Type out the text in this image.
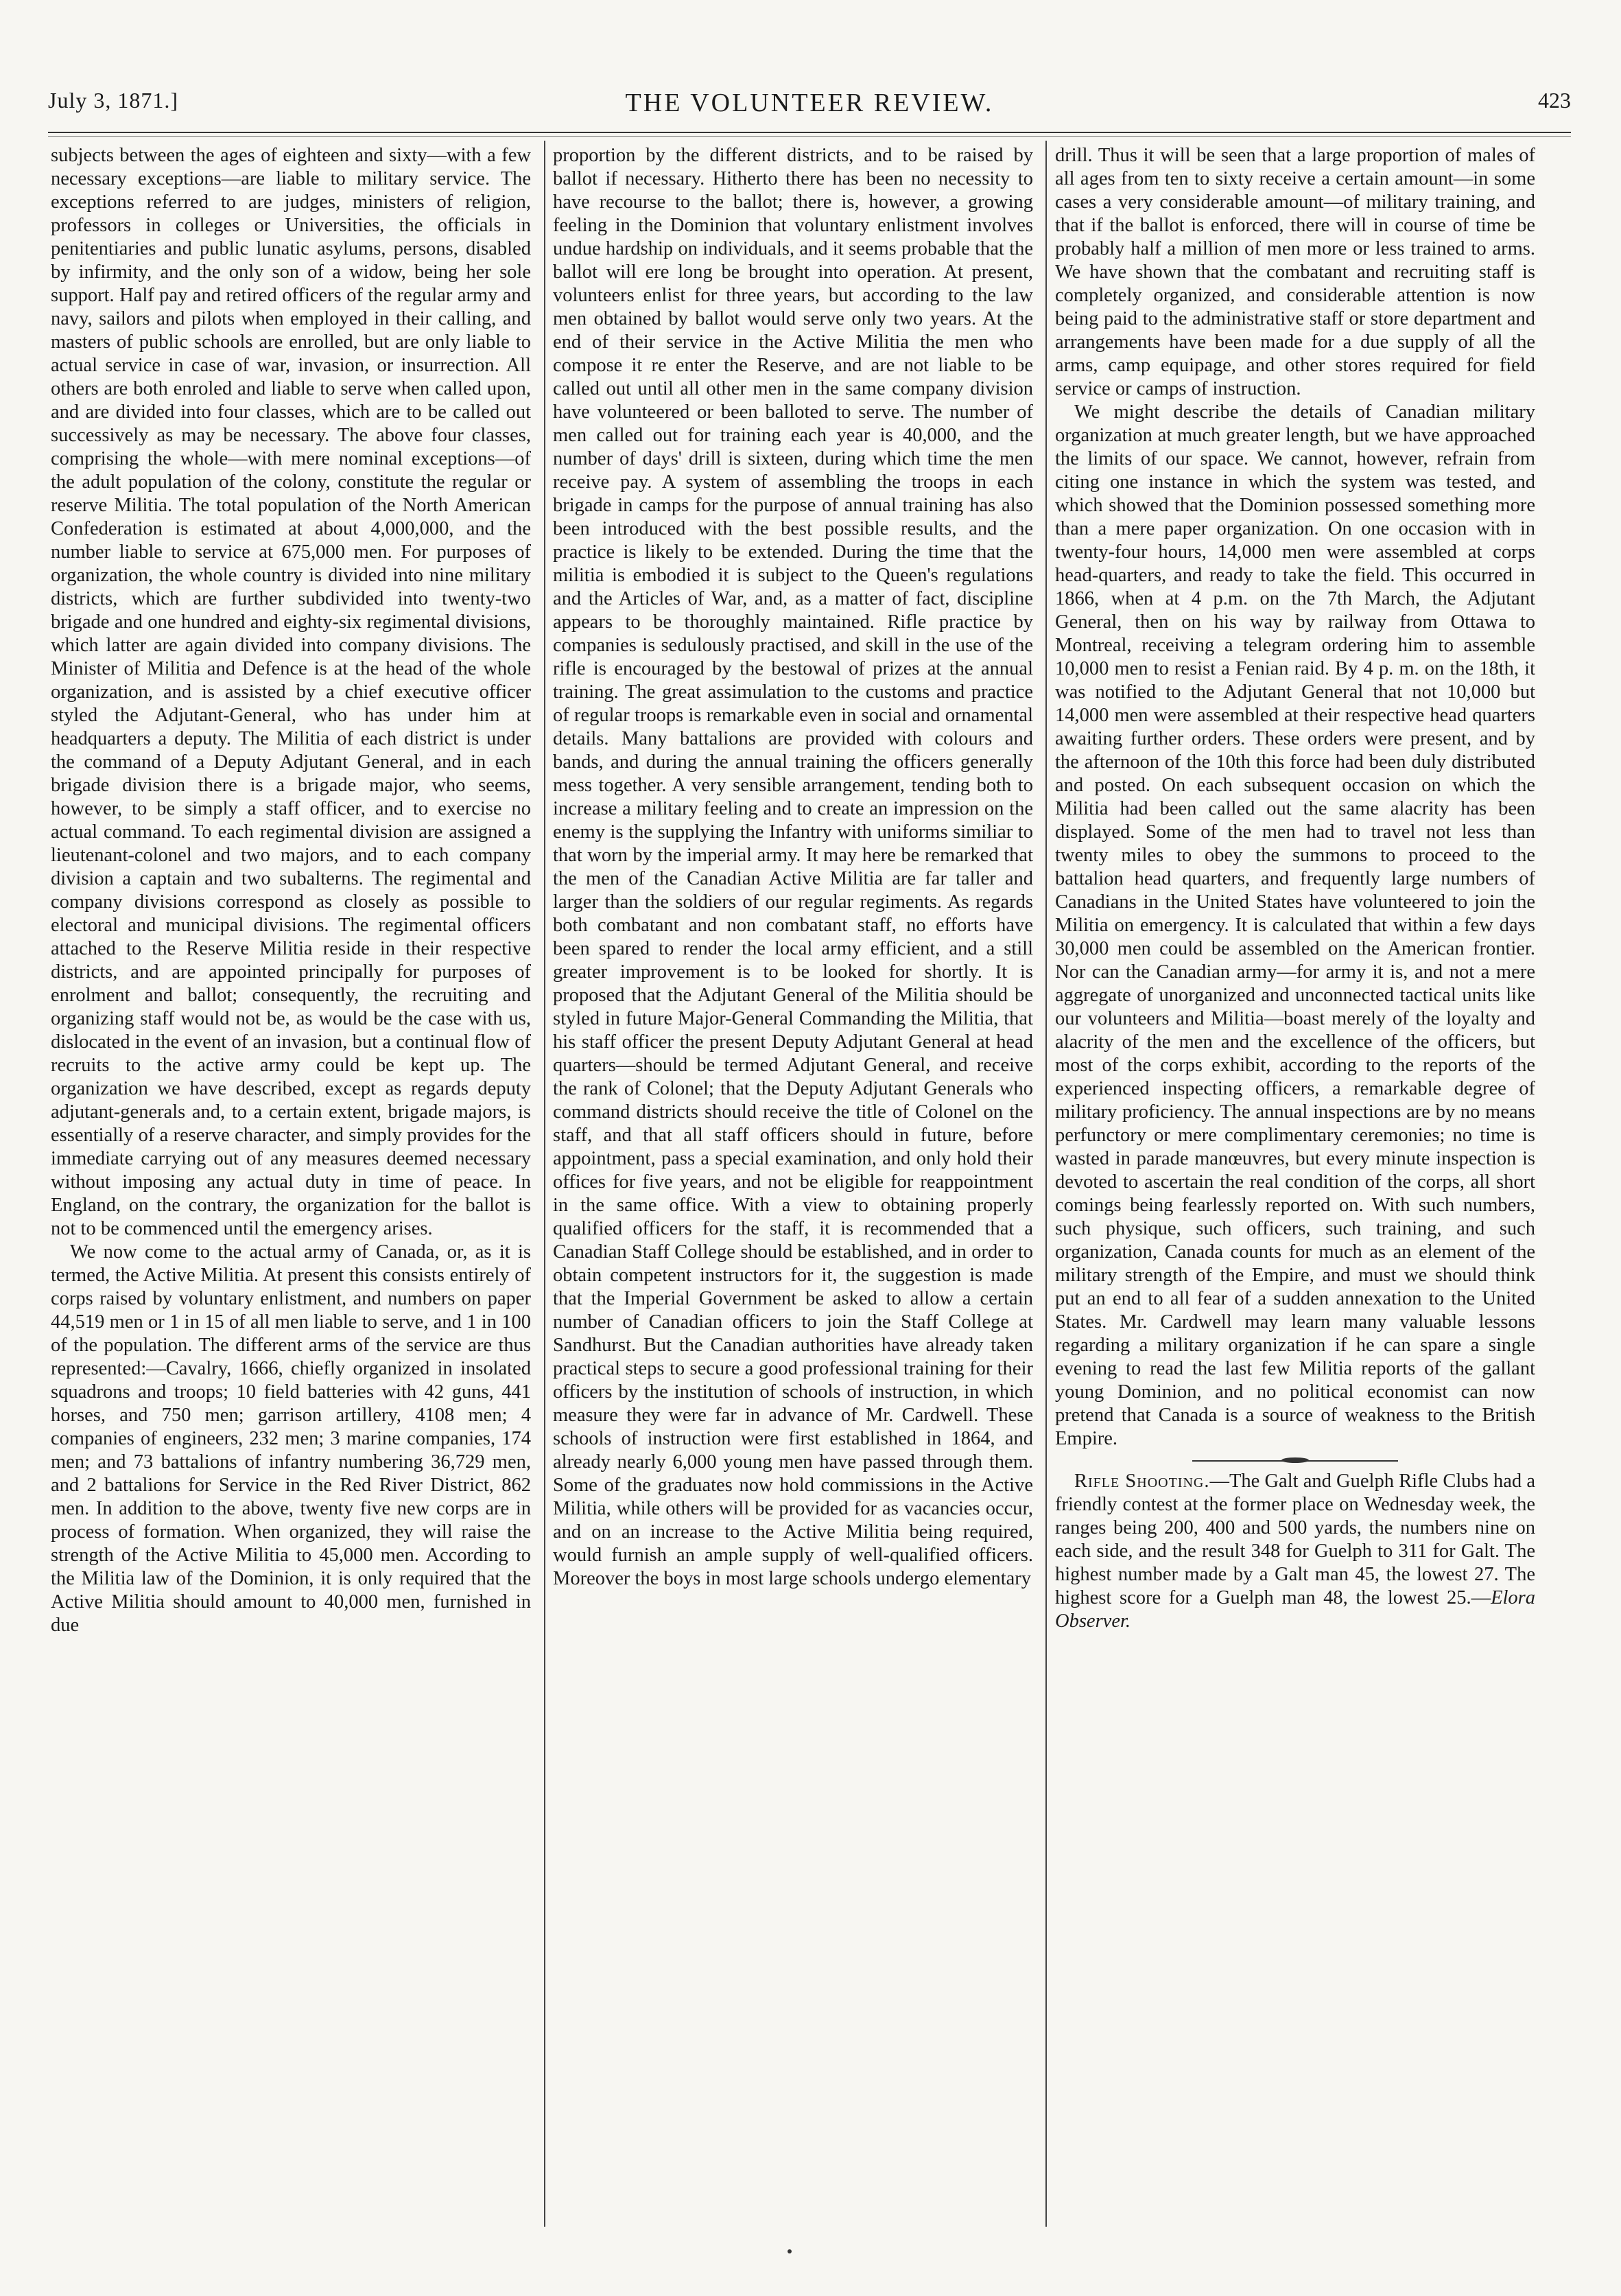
July 3, 1871.]	THE VOLUNTEER REVIEW.	423

subjects between the ages of eighteen and sixty—with a few necessary exceptions—are liable to military service. The exceptions referred to are judges, ministers of religion, professors in colleges or Universities, the officials in penitentiaries and public lunatic asylums, persons, disabled by infirmity, and the only son of a widow, being her sole support. Half pay and retired officers of the regular army and navy, sailors and pilots when employed in their calling, and masters of public schools are enrolled, but are only liable to actual service in case of war, invasion, or insurrection. All others are both enroled and liable to serve when called upon, and are divided into four classes, which are to be called out successively as may be necessary. The above four classes, comprising the whole—with mere nominal exceptions—of the adult population of the colony, constitute the regular or reserve Militia. The total population of the North American Confederation is estimated at about 4,000,000, and the number liable to service at 675,000 men. For purposes of organization, the whole country is divided into nine military districts, which are further subdivided into twenty-two brigade and one hundred and eighty-six regimental divisions, which latter are again divided into company divisions. The Minister of Militia and Defence is at the head of the whole organization, and is assisted by a chief executive officer styled the Adjutant-General, who has under him at headquarters a deputy. The Militia of each district is under the command of a Deputy Adjutant General, and in each brigade division there is a brigade major, who seems, however, to be simply a staff officer, and to exercise no actual command. To each regimental division are assigned a lieutenant-colonel and two majors, and to each company division a captain and two subalterns. The regimental and company divisions correspond as closely as possible to electoral and municipal divisions. The regimental officers attached to the Reserve Militia reside in their respective districts, and are appointed principally for purposes of enrolment and ballot; consequently, the recruiting and organizing staff would not be, as would be the case with us, dislocated in the event of an invasion, but a continual flow of recruits to the active army could be kept up. The organization we have described, except as regards deputy adjutant-generals and, to a certain extent, brigade majors, is essentially of a reserve character, and simply provides for the immediate carrying out of any measures deemed necessary without imposing any actual duty in time of peace. In England, on the contrary, the organization for the ballot is not to be commenced until the emergency arises.

We now come to the actual army of Canada, or, as it is termed, the Active Militia. At present this consists entirely of corps raised by voluntary enlistment, and numbers on paper 44,519 men or 1 in 15 of all men liable to serve, and 1 in 100 of the population. The different arms of the service are thus represented:—Cavalry, 1666, chiefly organized in insolated squadrons and troops; 10 field batteries with 42 guns, 441 horses, and 750 men; garrison artillery, 4108 men; 4 companies of engineers, 232 men; 3 marine companies, 174 men; and 73 battalions of infantry numbering 36,729 men, and 2 battalions for Service in the Red River District, 862 men. In addition to the above, twenty five new corps are in process of formation. When organized, they will raise the strength of the Active Militia to 45,000 men. According to the Militia law of the Dominion, it is only required that the Active Militia should amount to 40,000 men, furnished in due

proportion by the different districts, and to be raised by ballot if necessary. Hitherto there has been no necessity to have recourse to the ballot; there is, however, a growing feeling in the Dominion that voluntary enlistment involves undue hardship on individuals, and it seems probable that the ballot will ere long be brought into operation. At present, volunteers enlist for three years, but according to the law men obtained by ballot would serve only two years. At the end of their service in the Active Militia the men who compose it re enter the Reserve, and are not liable to be called out until all other men in the same company division have volunteered or been balloted to serve. The number of men called out for training each year is 40,000, and the number of days' drill is sixteen, during which time the men receive pay. A system of assembling the troops in each brigade in camps for the purpose of annual training has also been introduced with the best possible results, and the practice is likely to be extended. During the time that the militia is embodied it is subject to the Queen's regulations and the Articles of War, and, as a matter of fact, discipline appears to be thoroughly maintained. Rifle practice by companies is sedulously practised, and skill in the use of the rifle is encouraged by the bestowal of prizes at the annual training. The great assimulation to the customs and practice of regular troops is remarkable even in social and ornamental details. Many battalions are provided with colours and bands, and during the annual training the officers generally mess together. A very sensible arrangement, tending both to increase a military feeling and to create an impression on the enemy is the supplying the Infantry with uniforms similiar to that worn by the imperial army. It may here be remarked that the men of the Canadian Active Militia are far taller and larger than the soldiers of our regular regiments. As regards both combatant and non combatant staff, no efforts have been spared to render the local army efficient, and a still greater improvement is to be looked for shortly. It is proposed that the Adjutant General of the Militia should be styled in future Major-General Commanding the Militia, that his staff officer the present Deputy Adjutant General at head quarters—should be termed Adjutant General, and receive the rank of Colonel; that the Deputy Adjutant Generals who command districts should receive the title of Colonel on the staff, and that all staff officers should in future, before appointment, pass a special examination, and only hold their offices for five years, and not be eligible for reappointment in the same office. With a view to obtaining properly qualified officers for the staff, it is recommended that a Canadian Staff College should be established, and in order to obtain competent instructors for it, the suggestion is made that the Imperial Government be asked to allow a certain number of Canadian officers to join the Staff College at Sandhurst. But the Canadian authorities have already taken practical steps to secure a good professional training for their officers by the institution of schools of instruction, in which measure they were far in advance of Mr. Cardwell. These schools of instruction were first established in 1864, and already nearly 6,000 young men have passed through them. Some of the graduates now hold commissions in the Active Militia, while others will be provided for as vacancies occur, and on an increase to the Active Militia being required, would furnish an ample supply of well-qualified officers. Moreover the boys in most large schools undergo elementary

drill. Thus it will be seen that a large proportion of males of all ages from ten to sixty receive a certain amount—in some cases a very considerable amount—of military training, and that if the ballot is enforced, there will in course of time be probably half a million of men more or less trained to arms. We have shown that the combatant and recruiting staff is completely organized, and considerable attention is now being paid to the administrative staff or store department and arrangements have been made for a due supply of all the arms, camp equipage, and other stores required for field service or camps of instruction.

We might describe the details of Canadian military organization at much greater length, but we have approached the limits of our space. We cannot, however, refrain from citing one instance in which the system was tested, and which showed that the Dominion possessed something more than a mere paper organization. On one occasion with in twenty-four hours, 14,000 men were assembled at corps head-quarters, and ready to take the field. This occurred in 1866, when at 4 p.m. on the 7th March, the Adjutant General, then on his way by railway from Ottawa to Montreal, receiving a telegram ordering him to assemble 10,000 men to resist a Fenian raid. By 4 p. m. on the 18th, it was notified to the Adjutant General that not 10,000 but 14,000 men were assembled at their respective head quarters awaiting further orders. These orders were present, and by the afternoon of the 10th this force had been duly distributed and posted. On each subsequent occasion on which the Militia had been called out the same alacrity has been displayed. Some of the men had to travel not less than twenty miles to obey the summons to proceed to the battalion head quarters, and frequently large numbers of Canadians in the United States have volunteered to join the Militia on emergency. It is calculated that within a few days 30,000 men could be assembled on the American frontier. Nor can the Canadian army—for army it is, and not a mere aggregate of unorganized and unconnected tactical units like our volunteers and Militia—boast merely of the loyalty and alacrity of the men and the excellence of the officers, but most of the corps exhibit, according to the reports of the experienced inspecting officers, a remarkable degree of military proficiency. The annual inspections are by no means perfunctory or mere complimentary ceremonies; no time is wasted in parade manœuvres, but every minute inspection is devoted to ascertain the real condition of the corps, all short comings being fearlessly reported on. With such numbers, such physique, such officers, such training, and such organization, Canada counts for much as an element of the military strength of the Empire, and must we should think put an end to all fear of a sudden annexation to the United States. Mr. Cardwell may learn many valuable lessons regarding a military organization if he can spare a single evening to read the last few Militia reports of the gallant young Dominion, and no political economist can now pretend that Canada is a source of weakness to the British Empire.

Rifle Shooting.—The Galt and Guelph Rifle Clubs had a friendly contest at the former place on Wednesday week, the ranges being 200, 400 and 500 yards, the numbers nine on each side, and the result 348 for Guelph to 311 for Galt. The highest number made by a Galt man 45, the lowest 27. The highest score for a Guelph man 48, the lowest 25.—Elora Observer.
